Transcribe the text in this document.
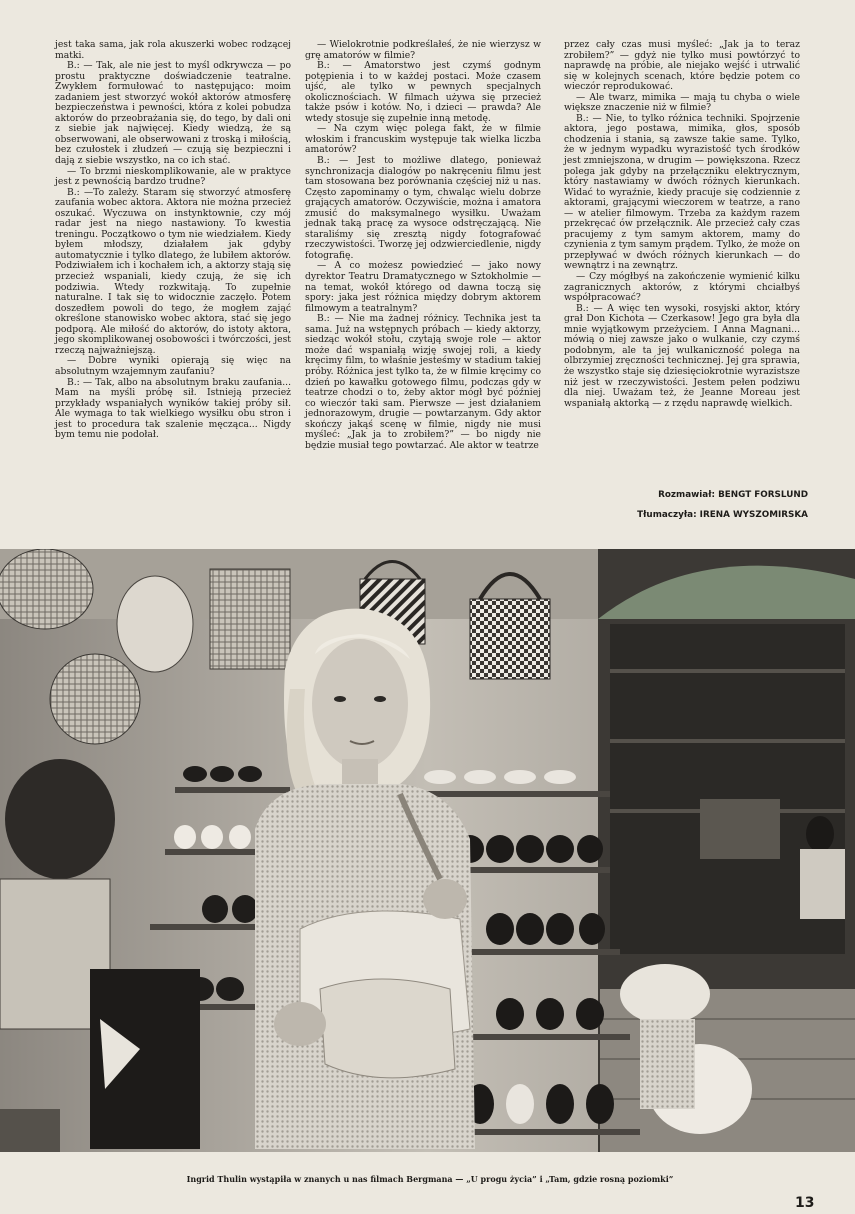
jest taka sama, jak rola akuszerki wobec rodzącej matki.

B.: — Tak, ale nie jest to myśl odkrywcza — po prostu praktyczne doświadczenie teatralne. Zwykłem formułować to następująco: moim zadaniem jest stworzyć wokół aktorów atmosferę bezpieczeństwa i pewności, która z kolei pobudza aktorów do przeobrażania się, do tego, by dali oni z siebie jak najwięcej. Kiedy wiedzą, że są obserwowani, ale obserwowani z troską i miłością, bez czułostek i złudzeń — czują się bezpieczni i dają z siebie wszystko, na co ich stać.

— To brzmi nieskomplikowanie, ale w praktyce jest z pewnością bardzo trudne?

B.: —To zależy. Staram się stworzyć atmosferę zaufania wobec aktora. Aktora nie można przecież oszukać. Wyczuwa on instynktownie, czy mój radar jest na niego nastawiony. To kwestia treningu. Początkowo o tym nie wiedziałem. Kiedy byłem młodszy, działałem jak gdyby automatycznie i tylko dlatego, że lubiłem aktorów. Podziwiałem ich i kochałem ich, a aktorzy stają się przecież wspaniali, kiedy czują, że się ich podziwia. Wtedy rozkwitają. To zupełnie naturalne. I tak się to widocznie zaczęło. Potem doszedłem powoli do tego, że mogłem zająć określone stanowisko wobec aktora, stać się jego podporą. Ale miłość do aktorów, do istoty aktora, jego skomplikowanej osobowości i twórczości, jest rzeczą najważniejszą.

— Dobre wyniki opierają się więc na absolutnym wzajemnym zaufaniu?

B.: — Tak, albo na absolutnym braku zaufania... Mam na myśli próbę sił. Istnieją przecież przykłady wspaniałych wyników takiej próby sił. Ale wymaga to tak wielkiego wysiłku obu stron i jest to procedura tak szalenie męcząca... Nigdy bym temu nie podołał.

— Wielokrotnie podkreślałeś, że nie wierzysz w grę amatorów w filmie?

B.: — Amatorstwo jest czymś godnym potępienia i to w każdej postaci. Może czasem ujść, ale tylko w pewnych specjalnych okolicznościach. W filmach używa się przecież także psów i kotów. No, i dzieci — prawda? Ale wtedy stosuje się zupełnie inną metodę.

— Na czym więc polega fakt, że w filmie włoskim i francuskim występuje tak wielka liczba amatorów?

B.: — Jest to możliwe dlatego, ponieważ synchronizacja dialogów po nakręceniu filmu jest tam stosowana bez porównania częściej niż u nas. Często zapominamy o tym, chwaląc wielu dobrze grających amatorów. Oczywiście, można i amatora zmusić do maksymalnego wysiłku. Uważam jednak taką pracę za wysoce odstręczającą. Nie staraliśmy się zresztą nigdy fotografować rzeczywistości. Tworzę jej odzwierciedlenie, nigdy fotografię.

— A co możesz powiedzieć — jako nowy dyrektor Teatru Dramatycznego w Sztokholmie — na temat, wokół którego od dawna toczą się spory: jaka jest różnica między dobrym aktorem filmowym a teatralnym?

B.: — Nie ma żadnej różnicy. Technika jest ta sama. Już na wstępnych próbach — kiedy aktorzy, siedząc wokół stołu, czytają swoje role — aktor może dać wspaniałą wizję swojej roli, a kiedy kręcimy film, to właśnie jesteśmy w stadium takiej próby. Różnica jest tylko ta, że w filmie kręcimy co dzień po kawałku gotowego filmu, podczas gdy w teatrze chodzi o to, żeby aktor mógł być później co wieczór taki sam. Pierwsze — jest działaniem jednorazowym, drugie — powtarzanym. Gdy aktor skończy jakąś scenę w filmie, nigdy nie musi myśleć: „Jak ja to zrobiłem?” — bo nigdy nie będzie musiał tego powtarzać. Ale aktor w teatrze

przez cały czas musi myśleć: „Jak ja to teraz zrobiłem?” — gdyż nie tylko musi powtórzyć to naprawdę na próbie, ale niejako wejść i utrwalić się w kolejnych scenach, które będzie potem co wieczór reprodukować.

— Ale twarz, mimika — mają tu chyba o wiele większe znaczenie niż w filmie?

B.: — Nie, to tylko różnica techniki. Spojrzenie aktora, jego postawa, mimika, głos, sposób chodzenia i stania, są zawsze takie same. Tylko, że w jednym wypadku wyrazistość tych środków jest zmniejszona, w drugim — powiększona. Rzecz polega jak gdyby na przełączniku elektrycznym, który nastawiamy w dwóch różnych kierunkach. Widać to wyraźnie, kiedy pracuje się codziennie z aktorami, grającymi wieczorem w teatrze, a rano — w atelier filmowym. Trzeba za każdym razem przekręcać ów przełącznik. Ale przecież cały czas pracujemy z tym samym aktorem, mamy do czynienia z tym samym prądem. Tylko, że może on przepływać w dwóch różnych kierunkach — do wewnątrz i na zewnątrz.

— Czy mógłbyś na zakończenie wymienić kilku zagranicznych aktorów, z którymi chciałbyś współpracować?

B.: — A więc ten wysoki, rosyjski aktor, który grał Don Kichota — Czerkasow! Jego gra była dla mnie wyjątkowym przeżyciem. I Anna Magnani... mówią o niej zawsze jako o wulkanie, czy czymś podobnym, ale ta jej wulkaniczność polega na olbrzymiej zręczności technicznej. Jej gra sprawia, że wszystko staje się dziesięciokrotnie wyrazistsze niż jest w rzeczywistości. Jestem pełen podziwu dla niej. Uważam też, że Jeanne Moreau jest wspaniałą aktorką — z rzędu naprawdę wielkich.

Rozmawiał: BENGT FORSLUND
Tłumaczyła: IRENA WYSZOMIRSKA
Ingrid Thulin wystąpiła w znanych u nas filmach Bergmana — „U progu życia” i „Tam, gdzie rosną poziomki”
13
